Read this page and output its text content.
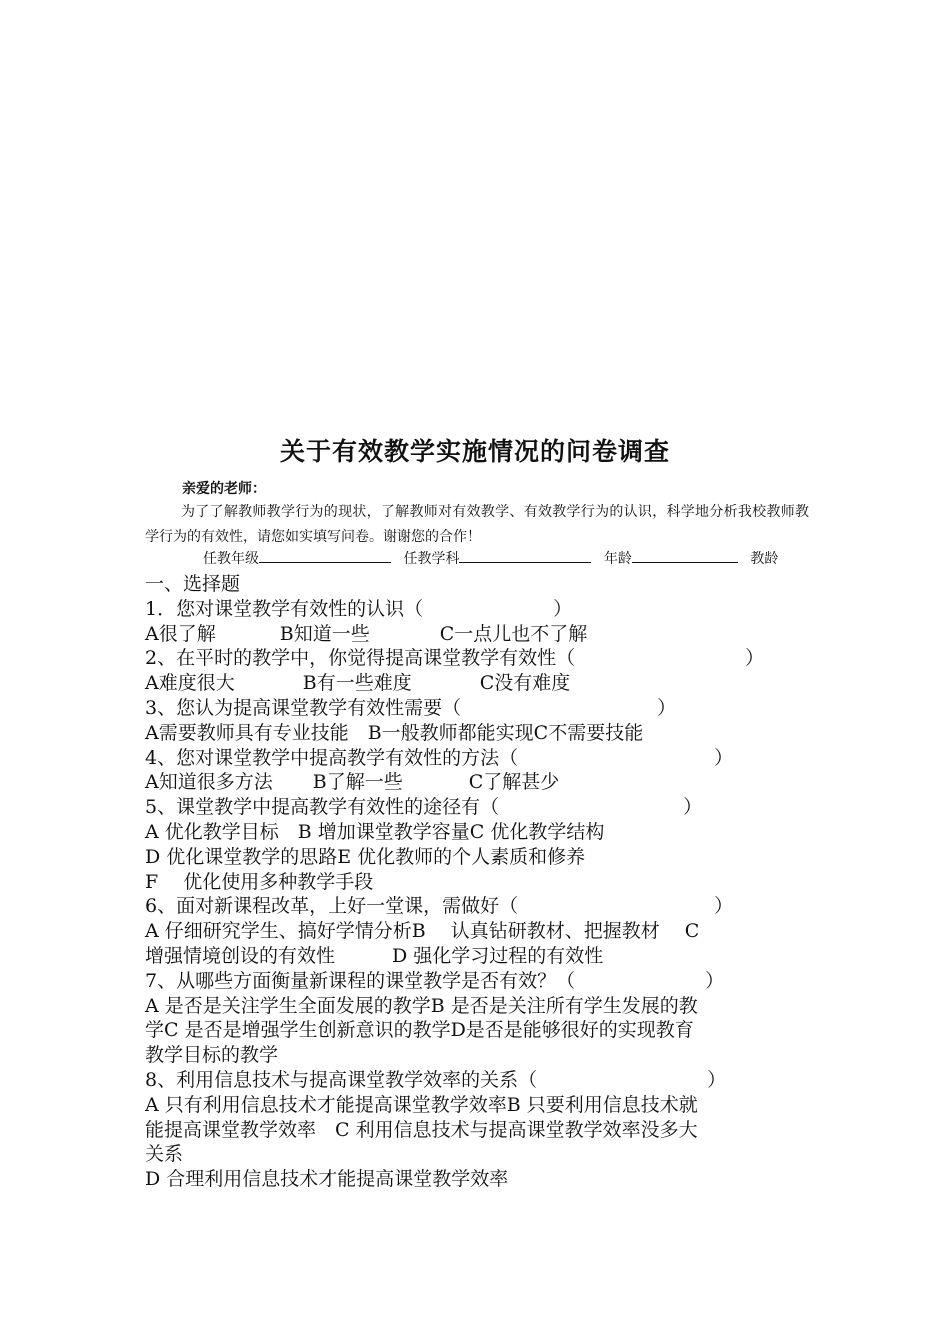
关于有效教学实施情况的问卷调查
亲爱的老师：
为了了解教师教学行为的现状，了解教师对有效教学、有效教学行为的认识，科学地分析我校教师教学行为的有效性，请您如实填写问卷。谢谢您的合作！
任教年级	任教学科	年龄	教龄
一、选择题
1．您对课堂教学有效性的认识（	）
A很了解	B知道一些	C一点儿也不了解
2、在平时的教学中，你觉得提高课堂教学有效性（	）
A难度很大	B有一些难度	C没有难度
3、您认为提高课堂教学有效性需要（	）
A需要教师具有专业技能　B一般教师都能实现C不需要技能
4、您对课堂教学中提高教学有效性的方法（	）
A知道很多方法 B了解一些	C了解甚少
5、课堂教学中提高教学有效性的途径有（	）
A 优化教学目标　B 增加课堂教学容量C 优化教学结构
D 优化课堂教学的思路E 优化教师的个人素质和修养
F　 优化使用多种教学手段
6、面对新课程改革，上好一堂课，需做好（	）
A 仔细研究学生、搞好学情分析B　 认真钻研教材、把握教材　 C
增强情境创设的有效性　　　D 强化学习过程的有效性
7、从哪些方面衡量新课程的课堂教学是否有效？（	）
A 是否是关注学生全面发展的教学B 是否是关注所有学生发展的教
学C 是否是增强学生创新意识的教学D是否是能够很好的实现教育
教学目标的教学
8、利用信息技术与提高课堂教学效率的关系（	）
A 只有利用信息技术才能提高课堂教学效率B 只要利用信息技术就
能提高课堂教学效率　C 利用信息技术与提高课堂教学效率没多大
关系
D 合理利用信息技术才能提高课堂教学效率
